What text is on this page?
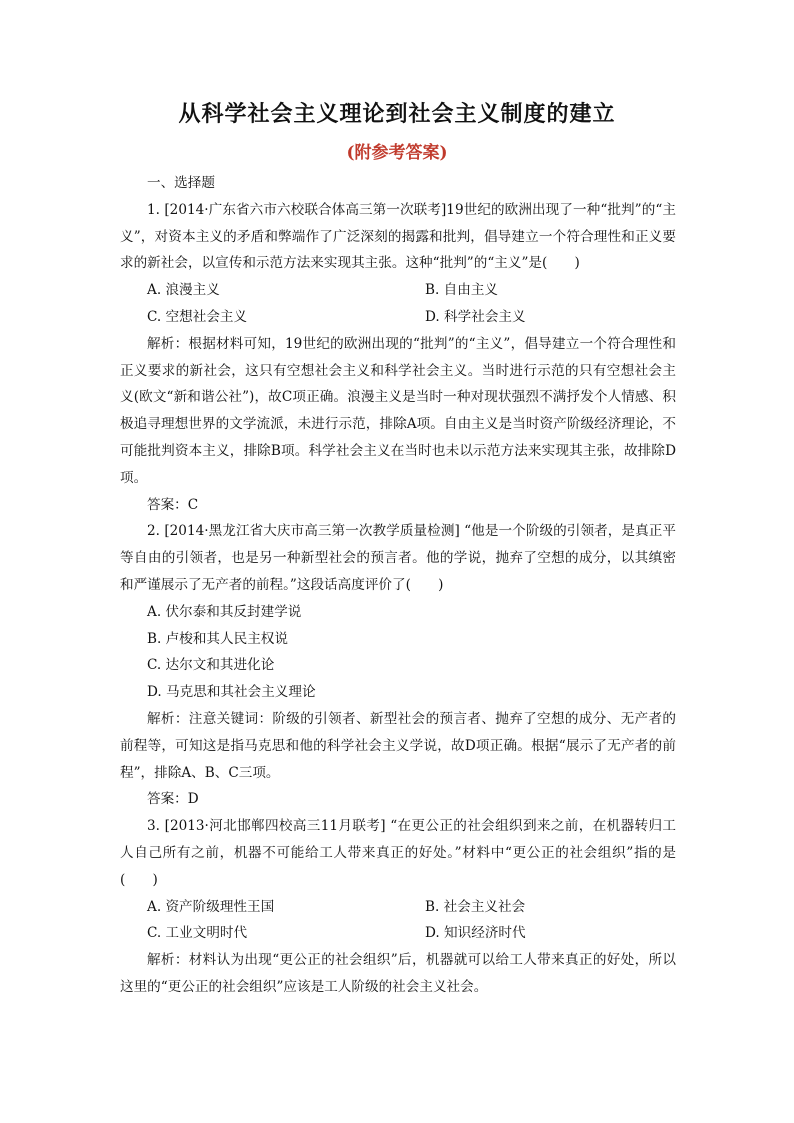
从科学社会主义理论到社会主义制度的建立
(附参考答案)
一、选择题
1. [2014·广东省六市六校联合体高三第一次联考]19世纪的欧洲出现了一种“批判”的“主义”，对资本主义的矛盾和弊端作了广泛深刻的揭露和批判，倡导建立一个符合理性和正义要求的新社会，以宣传和示范方法来实现其主张。这种“批判”的“主义”是(　　)
A. 浪漫主义	B. 自由主义
C. 空想社会主义	D. 科学社会主义
解析：根据材料可知，19世纪的欧洲出现的“批判”的“主义”，倡导建立一个符合理性和正义要求的新社会，这只有空想社会主义和科学社会主义。当时进行示范的只有空想社会主义(欧文“新和谐公社”)，故C项正确。浪漫主义是当时一种对现状强烈不满抒发个人情感、积极追寻理想世界的文学流派，未进行示范，排除A项。自由主义是当时资产阶级经济理论，不可能批判资本主义，排除B项。科学社会主义在当时也未以示范方法来实现其主张，故排除D项。
答案：C
2. [2014·黑龙江省大庆市高三第一次教学质量检测] “他是一个阶级的引领者，是真正平等自由的引领者，也是另一种新型社会的预言者。他的学说，抛弃了空想的成分，以其缜密和严谨展示了无产者的前程。”这段话高度评价了(　　)
A. 伏尔泰和其反封建学说
B. 卢梭和其人民主权说
C. 达尔文和其进化论
D. 马克思和其社会主义理论
解析：注意关键词：阶级的引领者、新型社会的预言者、抛弃了空想的成分、无产者的前程等，可知这是指马克思和他的科学社会主义学说，故D项正确。根据“展示了无产者的前程”，排除A、B、C三项。
答案：D
3. [2013·河北邯郸四校高三11月联考] “在更公正的社会组织到来之前，在机器转归工人自己所有之前，机器不可能给工人带来真正的好处。”材料中“更公正的社会组织”指的是(　　)
A. 资产阶级理性王国	B. 社会主义社会
C. 工业文明时代	D. 知识经济时代
解析：材料认为出现“更公正的社会组织”后，机器就可以给工人带来真正的好处，所以这里的“更公正的社会组织”应该是工人阶级的社会主义社会。
